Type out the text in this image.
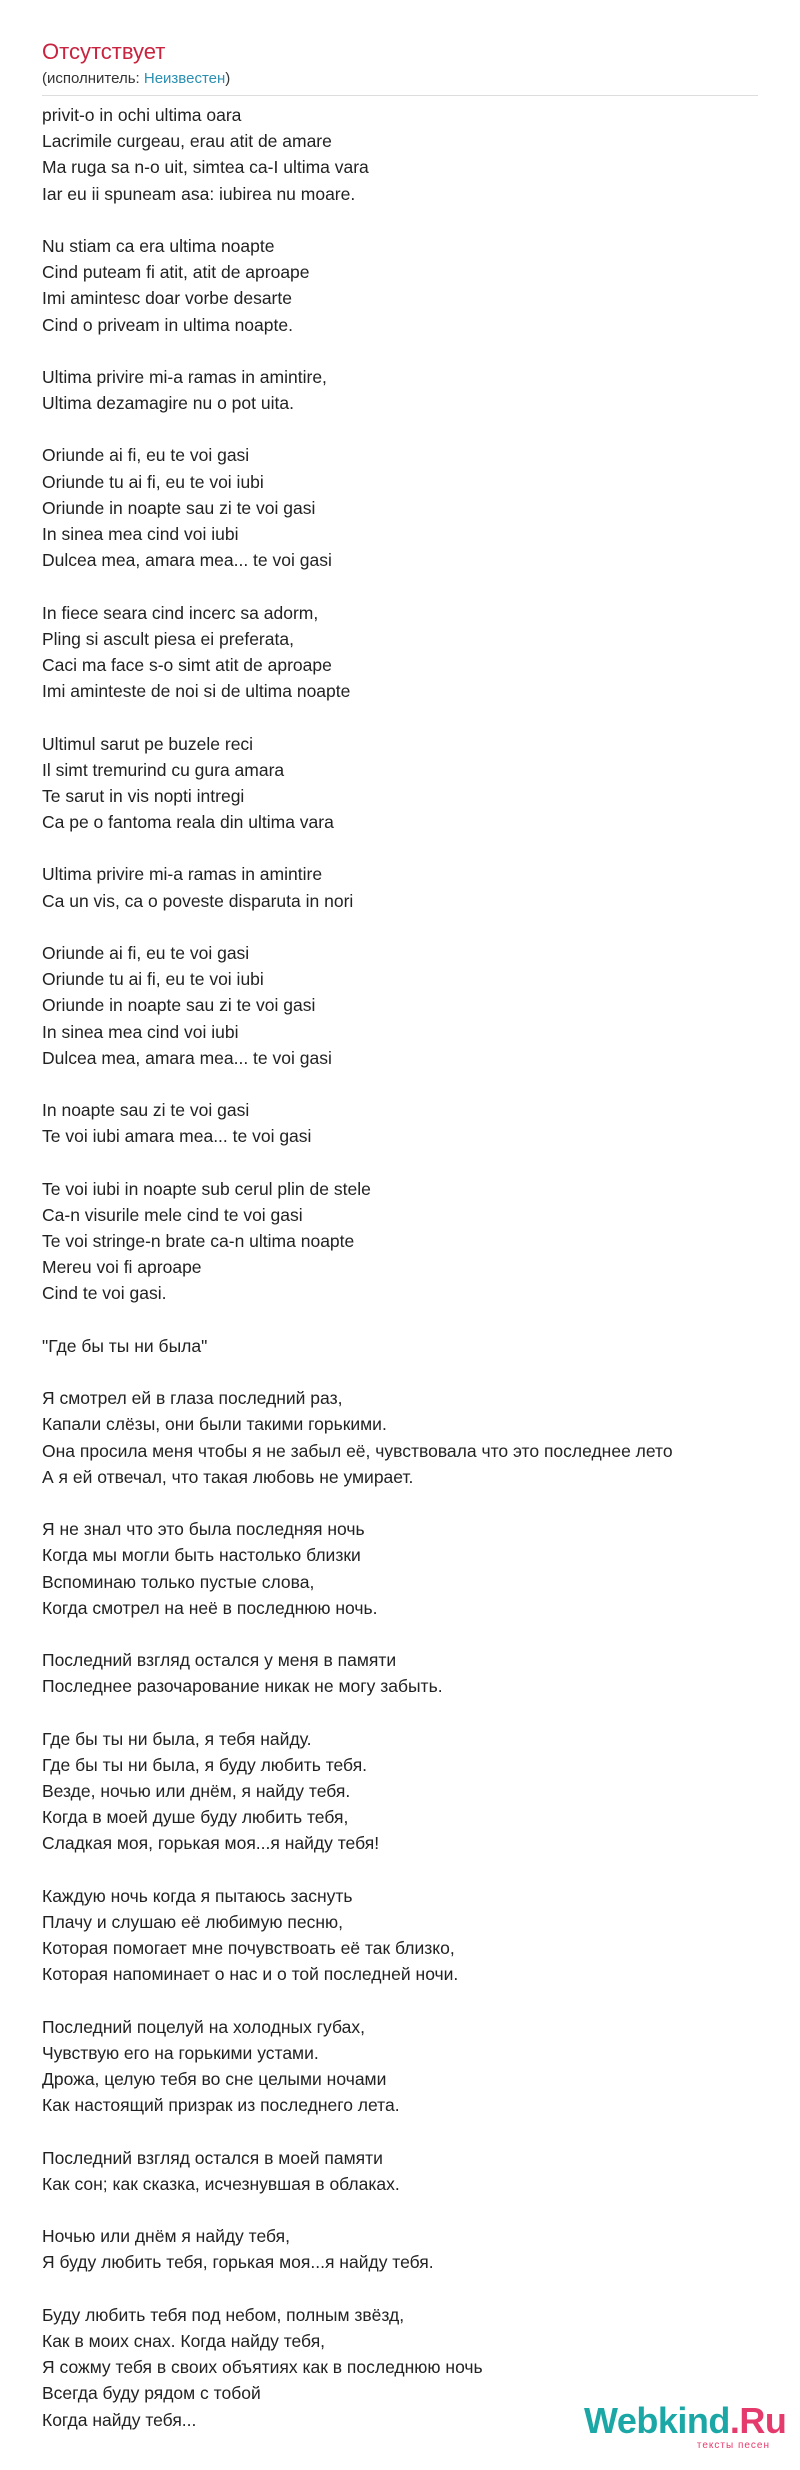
Отсутствует
(исполнитель: Неизвестен)
privit-o in ochi ultima oara
Lacrimile curgeau, erau atit de amare
Ma ruga sa n-o uit, simtea ca-I ultima vara
Iar eu ii spuneam asa: iubirea nu moare.
Nu stiam ca era ultima noapte
Cind puteam fi atit, atit de aproape
Imi amintesc doar vorbe desarte
Cind o priveam in ultima noapte.
Ultima privire mi-a ramas in amintire,
Ultima dezamagire nu o pot uita.
Oriunde ai fi, eu te voi gasi
Oriunde tu ai fi, eu te voi iubi
Oriunde in noapte sau zi te voi gasi
In sinea mea cind voi iubi
Dulcea mea, amara mea... te voi gasi
In fiece seara cind incerc sa adorm,
Pling si ascult piesa ei preferata,
Caci ma face s-o simt atit de aproape
Imi aminteste de noi si de ultima noapte
Ultimul sarut pe buzele reci
Il simt tremurind cu gura amara
Te sarut in vis nopti intregi
Ca pe o fantoma reala din ultima vara
Ultima privire mi-a ramas in amintire
Ca un vis, ca o poveste disparuta in nori
Oriunde ai fi, eu te voi gasi
Oriunde tu ai fi, eu te voi iubi
Oriunde in noapte sau zi te voi gasi
In sinea mea cind voi iubi
Dulcea mea, amara mea... te voi gasi
In noapte sau zi te voi gasi
Te voi iubi amara mea... te voi gasi
Te voi iubi in noapte sub cerul plin de stele
Ca-n visurile mele cind te voi gasi
Te voi stringe-n brate ca-n ultima noapte
Mereu voi fi aproape
Cind te voi gasi.
"Где бы ты ни была"
Я смотрел ей в глаза последний раз,
Капали слёзы, они были такими горькими.
Она просила меня чтобы я не забыл её, чувствовала что это последнее лето
А я ей отвечал, что такая любовь не умирает.
Я не знал что это была последняя ночь
Когда мы могли быть настолько близки
Вспоминаю только пустые слова,
Когда смотрел на неё в последнюю ночь.
Последний взгляд остался у меня в памяти
Последнее разочарование никак не могу забыть.
Где бы ты ни была, я тебя найду.
Где бы ты ни была, я буду любить тебя.
Везде, ночью или днём, я найду тебя.
Когда в моей душе буду любить тебя,
Сладкая моя, горькая моя...я найду тебя!
Каждую ночь когда я пытаюсь заснуть
Плачу и слушаю её любимую песню,
Которая помогает мне почувствоать её так близко,
Которая напоминает о нас и о той последней ночи.
Последний поцелуй на холодных губах,
Чувствую его на горькими устами.
Дрожа, целую тебя во сне целыми ночами
Как настоящий призрак из последнего лета.
Последний взгляд остался в моей памяти
Как сон; как сказка, исчезнувшая в облаках.
Ночью или днём я найду тебя,
Я буду любить тебя, горькая моя...я найду тебя.
Буду любить тебя под небом, полным звёзд,
Как в моих снах. Когда найду тебя,
Я сожму тебя в своих объятиях как в последнюю ночь
Всегда буду рядом с тобой
Когда найду тебя...	Webkind.Ru
тексты песен
